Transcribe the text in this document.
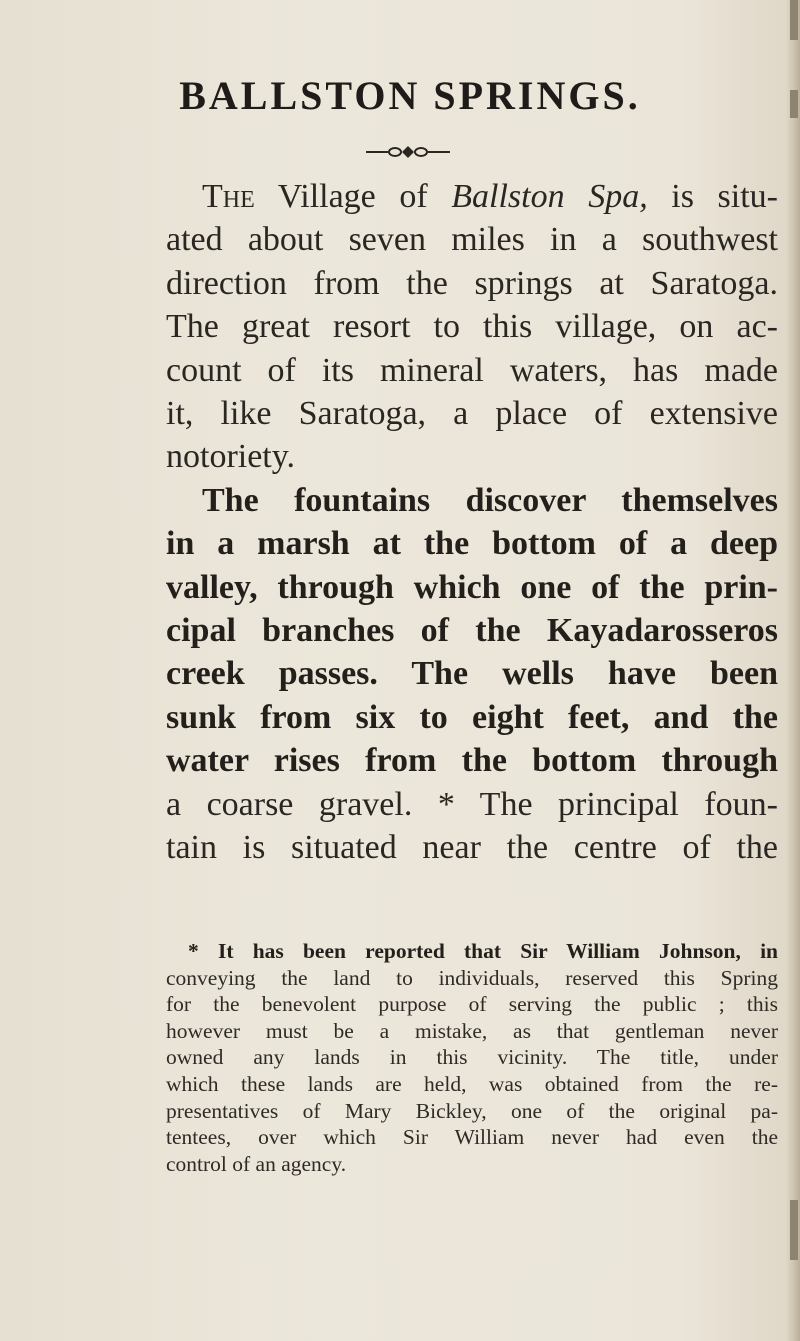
BALLSTON SPRINGS.
The Village of Ballston Spa, is situ-
ated about seven miles in a southwest
direction from the springs at Saratoga.
The great resort to this village, on ac-
count of its mineral waters, has made
it, like Saratoga, a place of extensive
notoriety.
The fountains discover themselves
in a marsh at the bottom of a deep
valley, through which one of the prin-
cipal branches of the Kayadarosseros
creek passes. The wells have been
sunk from six to eight feet, and the
water rises from the bottom through
a coarse gravel. * The principal foun-
tain is situated near the centre of the
* It has been reported that Sir William Johnson, in
conveying the land to individuals, reserved this Spring
for the benevolent purpose of serving the public ; this
however must be a mistake, as that gentleman never
owned any lands in this vicinity. The title, under
which these lands are held, was obtained from the re-
presentatives of Mary Bickley, one of the original pa-
tentees, over which Sir William never had even the
control of an agency.
